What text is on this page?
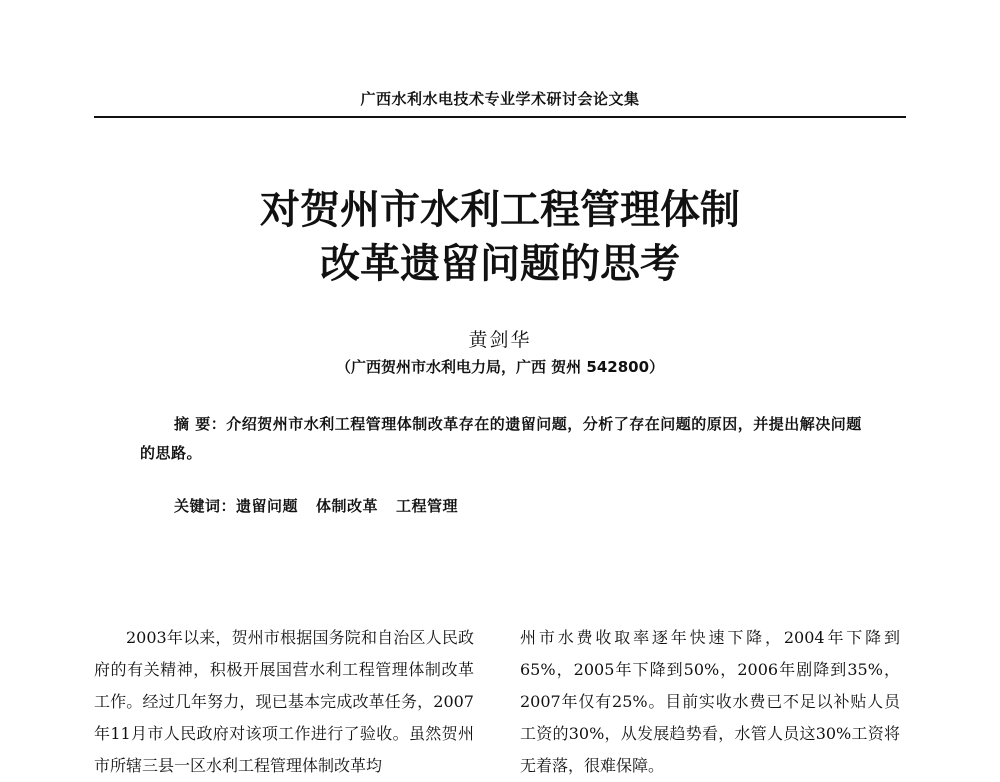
广西水利水电技术专业学术研讨会论文集
对贺州市水利工程管理体制
改革遗留问题的思考
黄剑华
（广西贺州市水利电力局，广西 贺州 542800）
摘 要：介绍贺州市水利工程管理体制改革存在的遗留问题，分析了存在问题的原因，并提出解决问题的思路。
关键词：遗留问题 体制改革 工程管理
2003年以来，贺州市根据国务院和自治区人民政府的有关精神，积极开展国营水利工程管理体制改革工作。经过几年努力，现已基本完成改革任务，2007年11月市人民政府对该项工作进行了验收。虽然贺州市所辖三县一区水利工程管理体制改革均
州市水费收取率逐年快速下降，2004年下降到65%，2005年下降到50%，2006年剧降到35%，2007年仅有25%。目前实收水费已不足以补贴人员工资的30%，从发展趋势看，水管人员这30%工资将无着落，很难保障。
